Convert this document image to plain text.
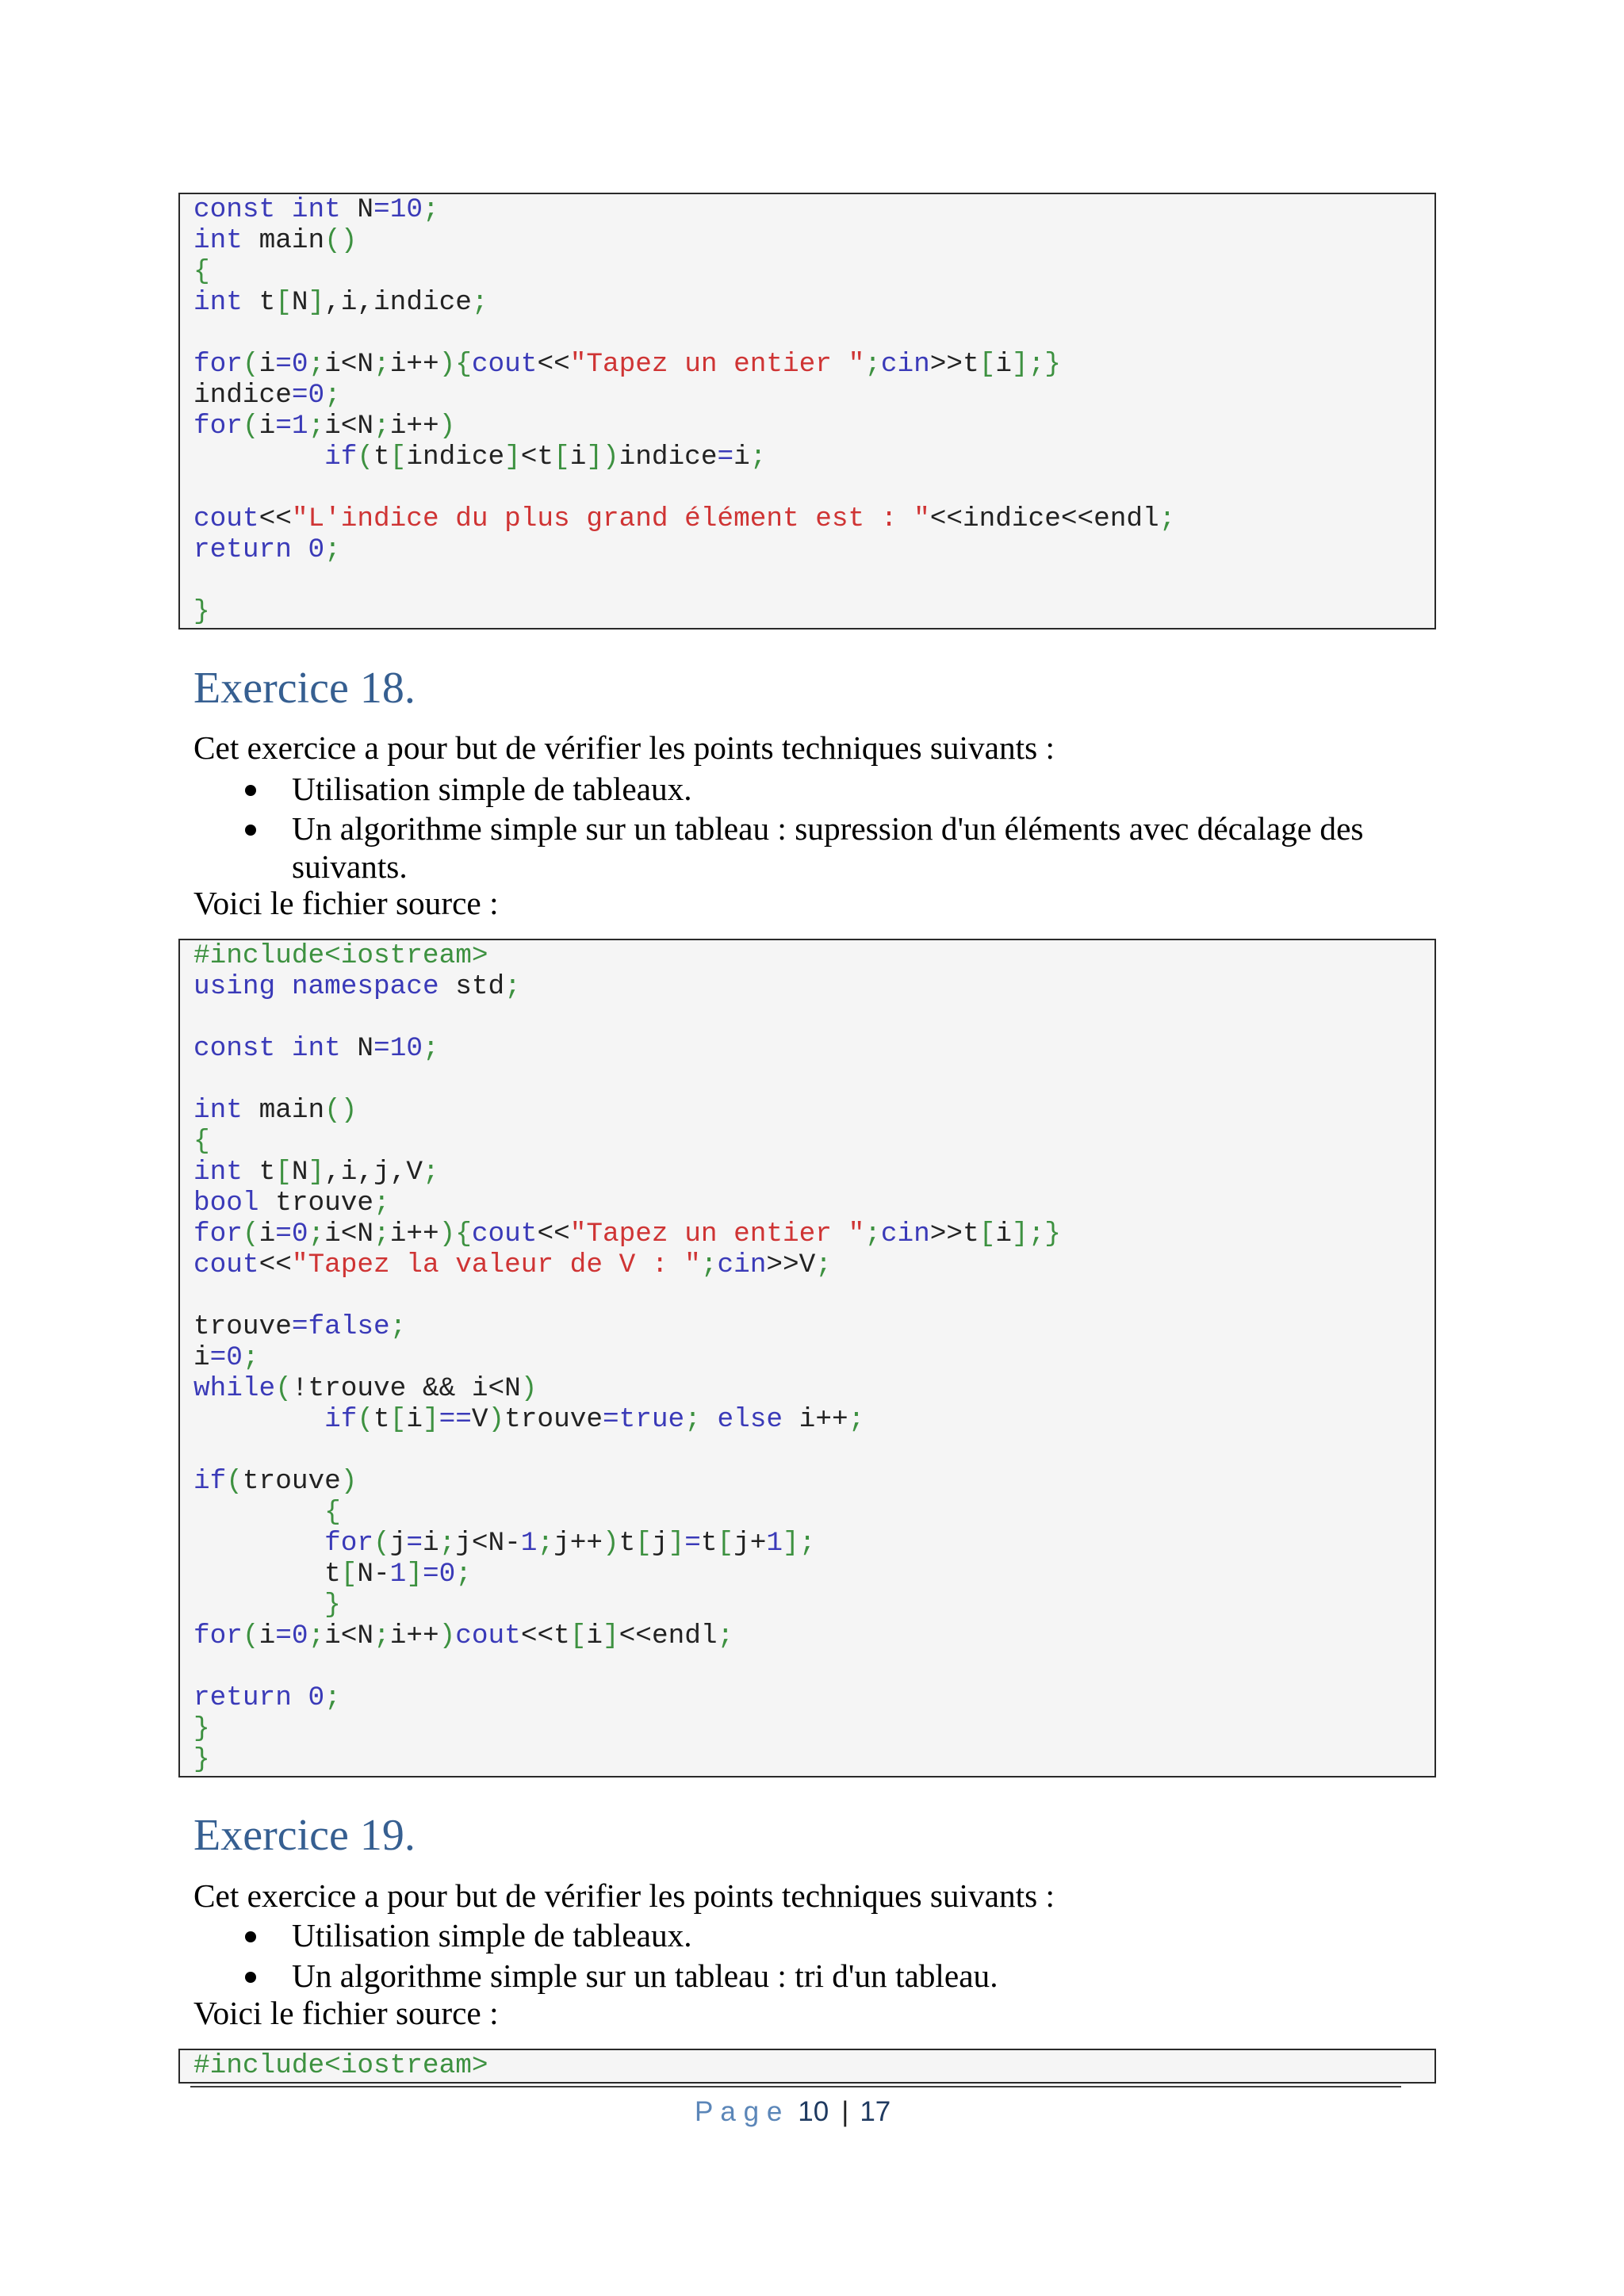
const int N=10;
int main()
{
int t[N],i,indice;
for(i=0;i<N;i++){cout<<"Tapez un entier ";cin>>t[i];}
indice=0;
for(i=1;i<N;i++)
if(t[indice]<t[i])indice=i;
cout<<"L'indice du plus grand élément est : "<<indice<<endl;
return 0;
}
Exercice 18.

Cet exercice a pour but de vérifier les points techniques suivants :

Utilisation simple de tableaux.
Un algorithme simple sur un tableau : supression d'un éléments avec décalage des suivants.

Voici le fichier source :

#include<iostream>
using namespace std;
const int N=10;
int main()
{
int t[N],i,j,V;
bool trouve;
for(i=0;i<N;i++){cout<<"Tapez un entier ";cin>>t[i];}
cout<<"Tapez la valeur de V : ";cin>>V;
trouve=false;
i=0;
while(!trouve && i<N)
if(t[i]==V)trouve=true; else i++;
if(trouve)
{
for(j=i;j<N-1;j++)t[j]=t[j+1];
t[N-1]=0;
}
for(i=0;i<N;i++)cout<<t[i]<<endl;
return 0;
}
}
Exercice 19.

Cet exercice a pour but de vérifier les points techniques suivants :

Utilisation simple de tableaux.
Un algorithme simple sur un tableau : tri d'un tableau.

Voici le fichier source :

#include<iostream>
P a g e 10 | 17
